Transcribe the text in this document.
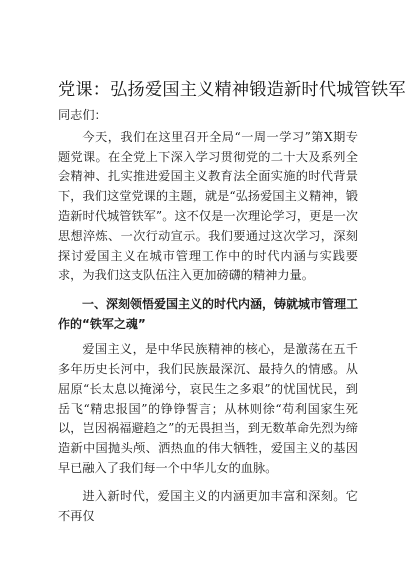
党课：弘扬爱国主义精神锻造新时代城管铁军

同志们：

今天，我们在这里召开全局“一周一学习”第X期专题党课。在全党上下深入学习贯彻党的二十大及系列全会精神、扎实推进爱国主义教育法全面实施的时代背景下，我们这堂党课的主题，就是“弘扬爱国主义精神，锻造新时代城管铁军”。这不仅是一次理论学习，更是一次思想淬炼、一次行动宣示。我们要通过这次学习，深刻探讨爱国主义在城市管理工作中的时代内涵与实践要求，为我们这支队伍注入更加磅礴的精神力量。

一、深刻领悟爱国主义的时代内涵，铸就城市管理工作的“铁军之魂”

爱国主义，是中华民族精神的核心，是激荡在五千多年历史长河中，我们民族最深沉、最持久的情感。从屈原“长太息以掩涕兮，哀民生之多艰”的忧国忧民，到岳飞“精忠报国”的铮铮誓言；从林则徐“苟利国家生死以，岂因祸福避趋之”的无畏担当，到无数革命先烈为缔造新中国抛头颅、洒热血的伟大牺牲，爱国主义的基因早已融入了我们每一个中华儿女的血脉。

进入新时代，爱国主义的内涵更加丰富和深刻。它不再仅
